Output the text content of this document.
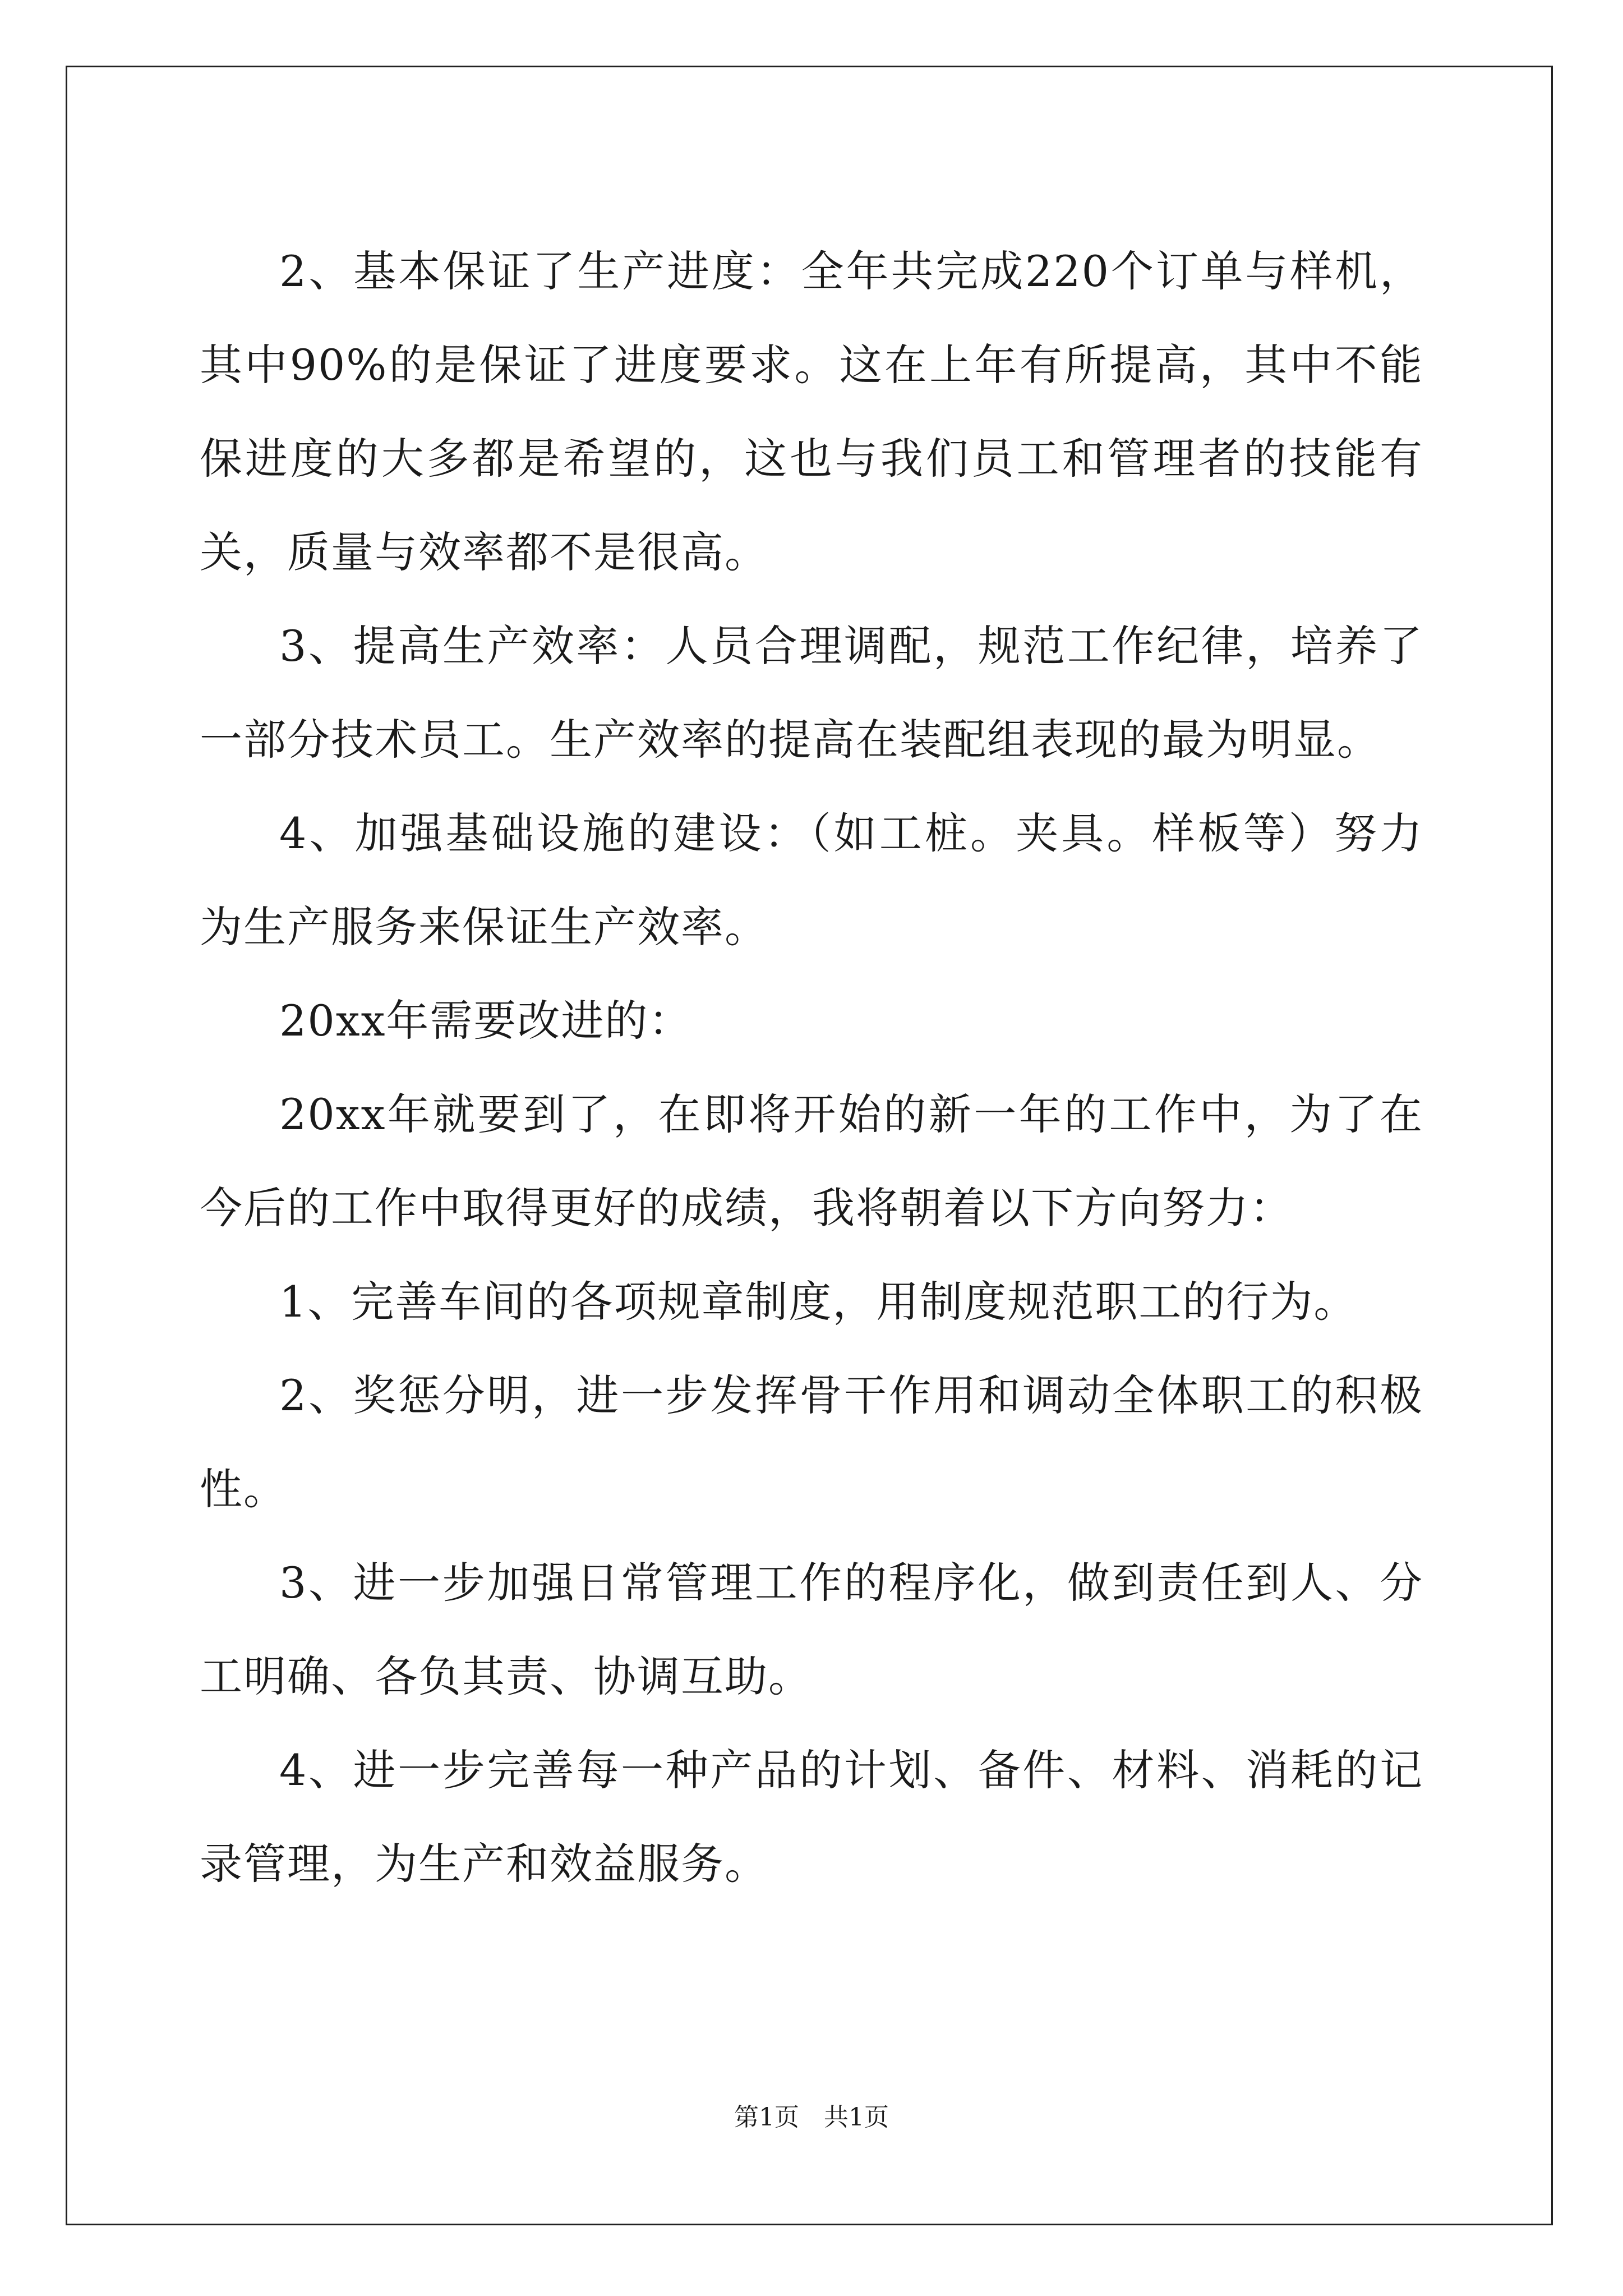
2、基本保证了生产进度：全年共完成220个订单与样机，其中90%的是保证了进度要求。这在上年有所提高，其中不能保进度的大多都是希望的，这也与我们员工和管理者的技能有关，质量与效率都不是很高。

3、提高生产效率：人员合理调配，规范工作纪律，培养了一部分技术员工。生产效率的提高在装配组表现的最为明显。

4、加强基础设施的建设：（如工桩。夹具。样板等）努力为生产服务来保证生产效率。

20xx年需要改进的：

20xx年就要到了，在即将开始的新一年的工作中，为了在今后的工作中取得更好的成绩，我将朝着以下方向努力：

1、完善车间的各项规章制度，用制度规范职工的行为。

2、奖惩分明，进一步发挥骨干作用和调动全体职工的积极性。

3、进一步加强日常管理工作的程序化，做到责任到人、分工明确、各负其责、协调互助。

4、进一步完善每一种产品的计划、备件、材料、消耗的记录管理，为生产和效益服务。

第1页　共1页
